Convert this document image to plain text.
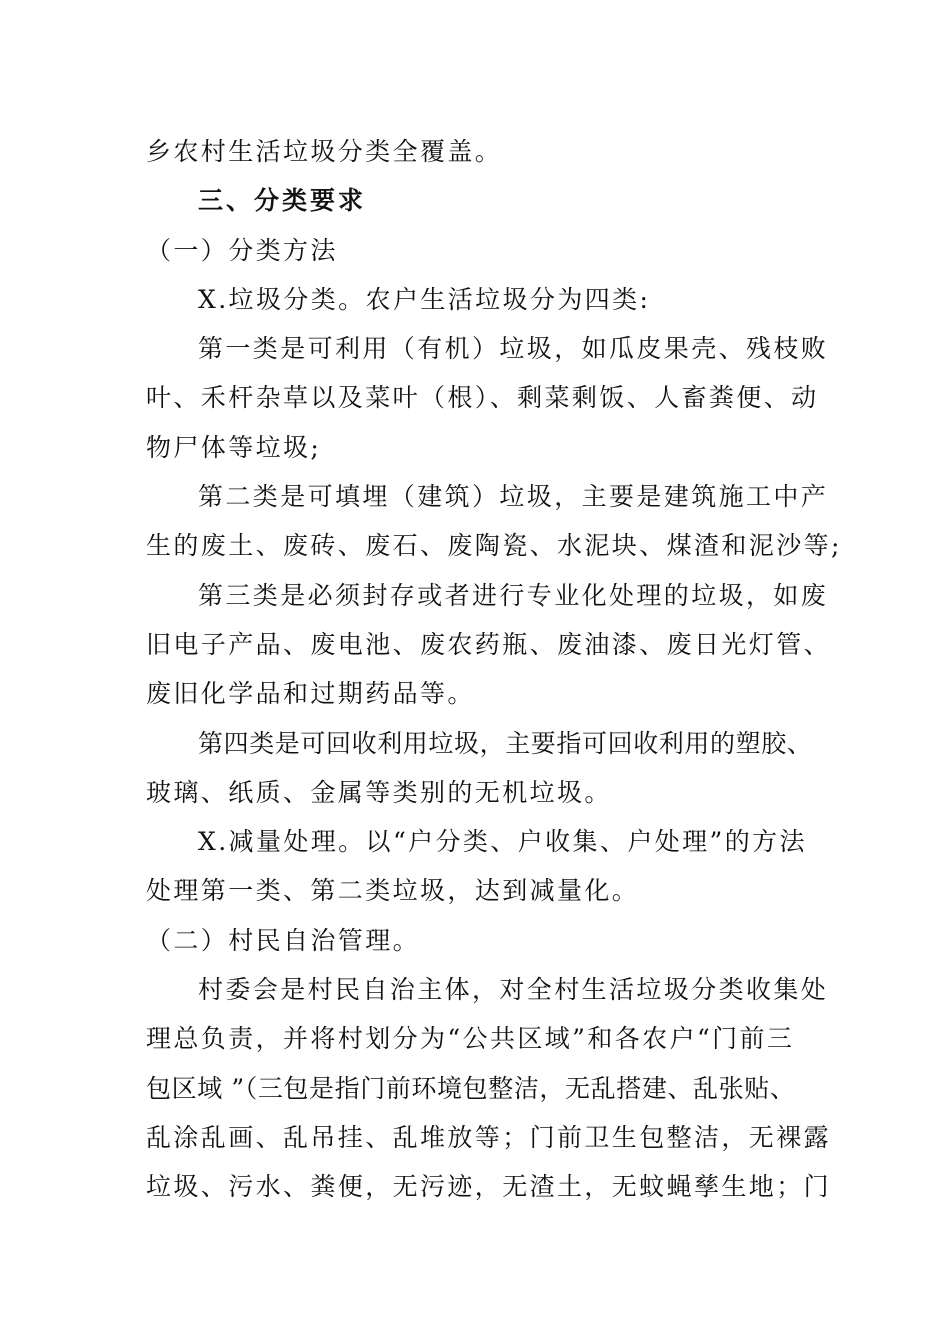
乡农村生活垃圾分类全覆盖。
三、分类要求
（一）分类方法
X.垃圾分类。农户生活垃圾分为四类:
第一类是可利用（有机）垃圾，如瓜皮果壳、残枝败
叶、禾杆杂草以及菜叶（根）、剩菜剩饭、人畜粪便、动
物尸体等垃圾;
第二类是可填埋（建筑）垃圾，主要是建筑施工中产
生的废土、废砖、废石、废陶瓷、水泥块、煤渣和泥沙等;
第三类是必须封存或者进行专业化处理的垃圾，如废
旧电子产品、废电池、废农药瓶、废油漆、废日光灯管、
废旧化学品和过期药品等。
第四类是可回收利用垃圾，主要指可回收利用的塑胶、
玻璃、纸质、金属等类别的无机垃圾。
X.减量处理。以“户分类、户收集、户处理”的方法
处理第一类、第二类垃圾，达到减量化。
（二）村民自治管理。
村委会是村民自治主体，对全村生活垃圾分类收集处
理总负责，并将村划分为“公共区域”和各农户“门前三
包区域 ”（三包是指门前环境包整洁，无乱搭建、乱张贴、
乱涂乱画、乱吊挂、乱堆放等；门前卫生包整洁，无裸露
垃圾、污水、粪便，无污迹，无渣土，无蚊蝇孳生地；门
